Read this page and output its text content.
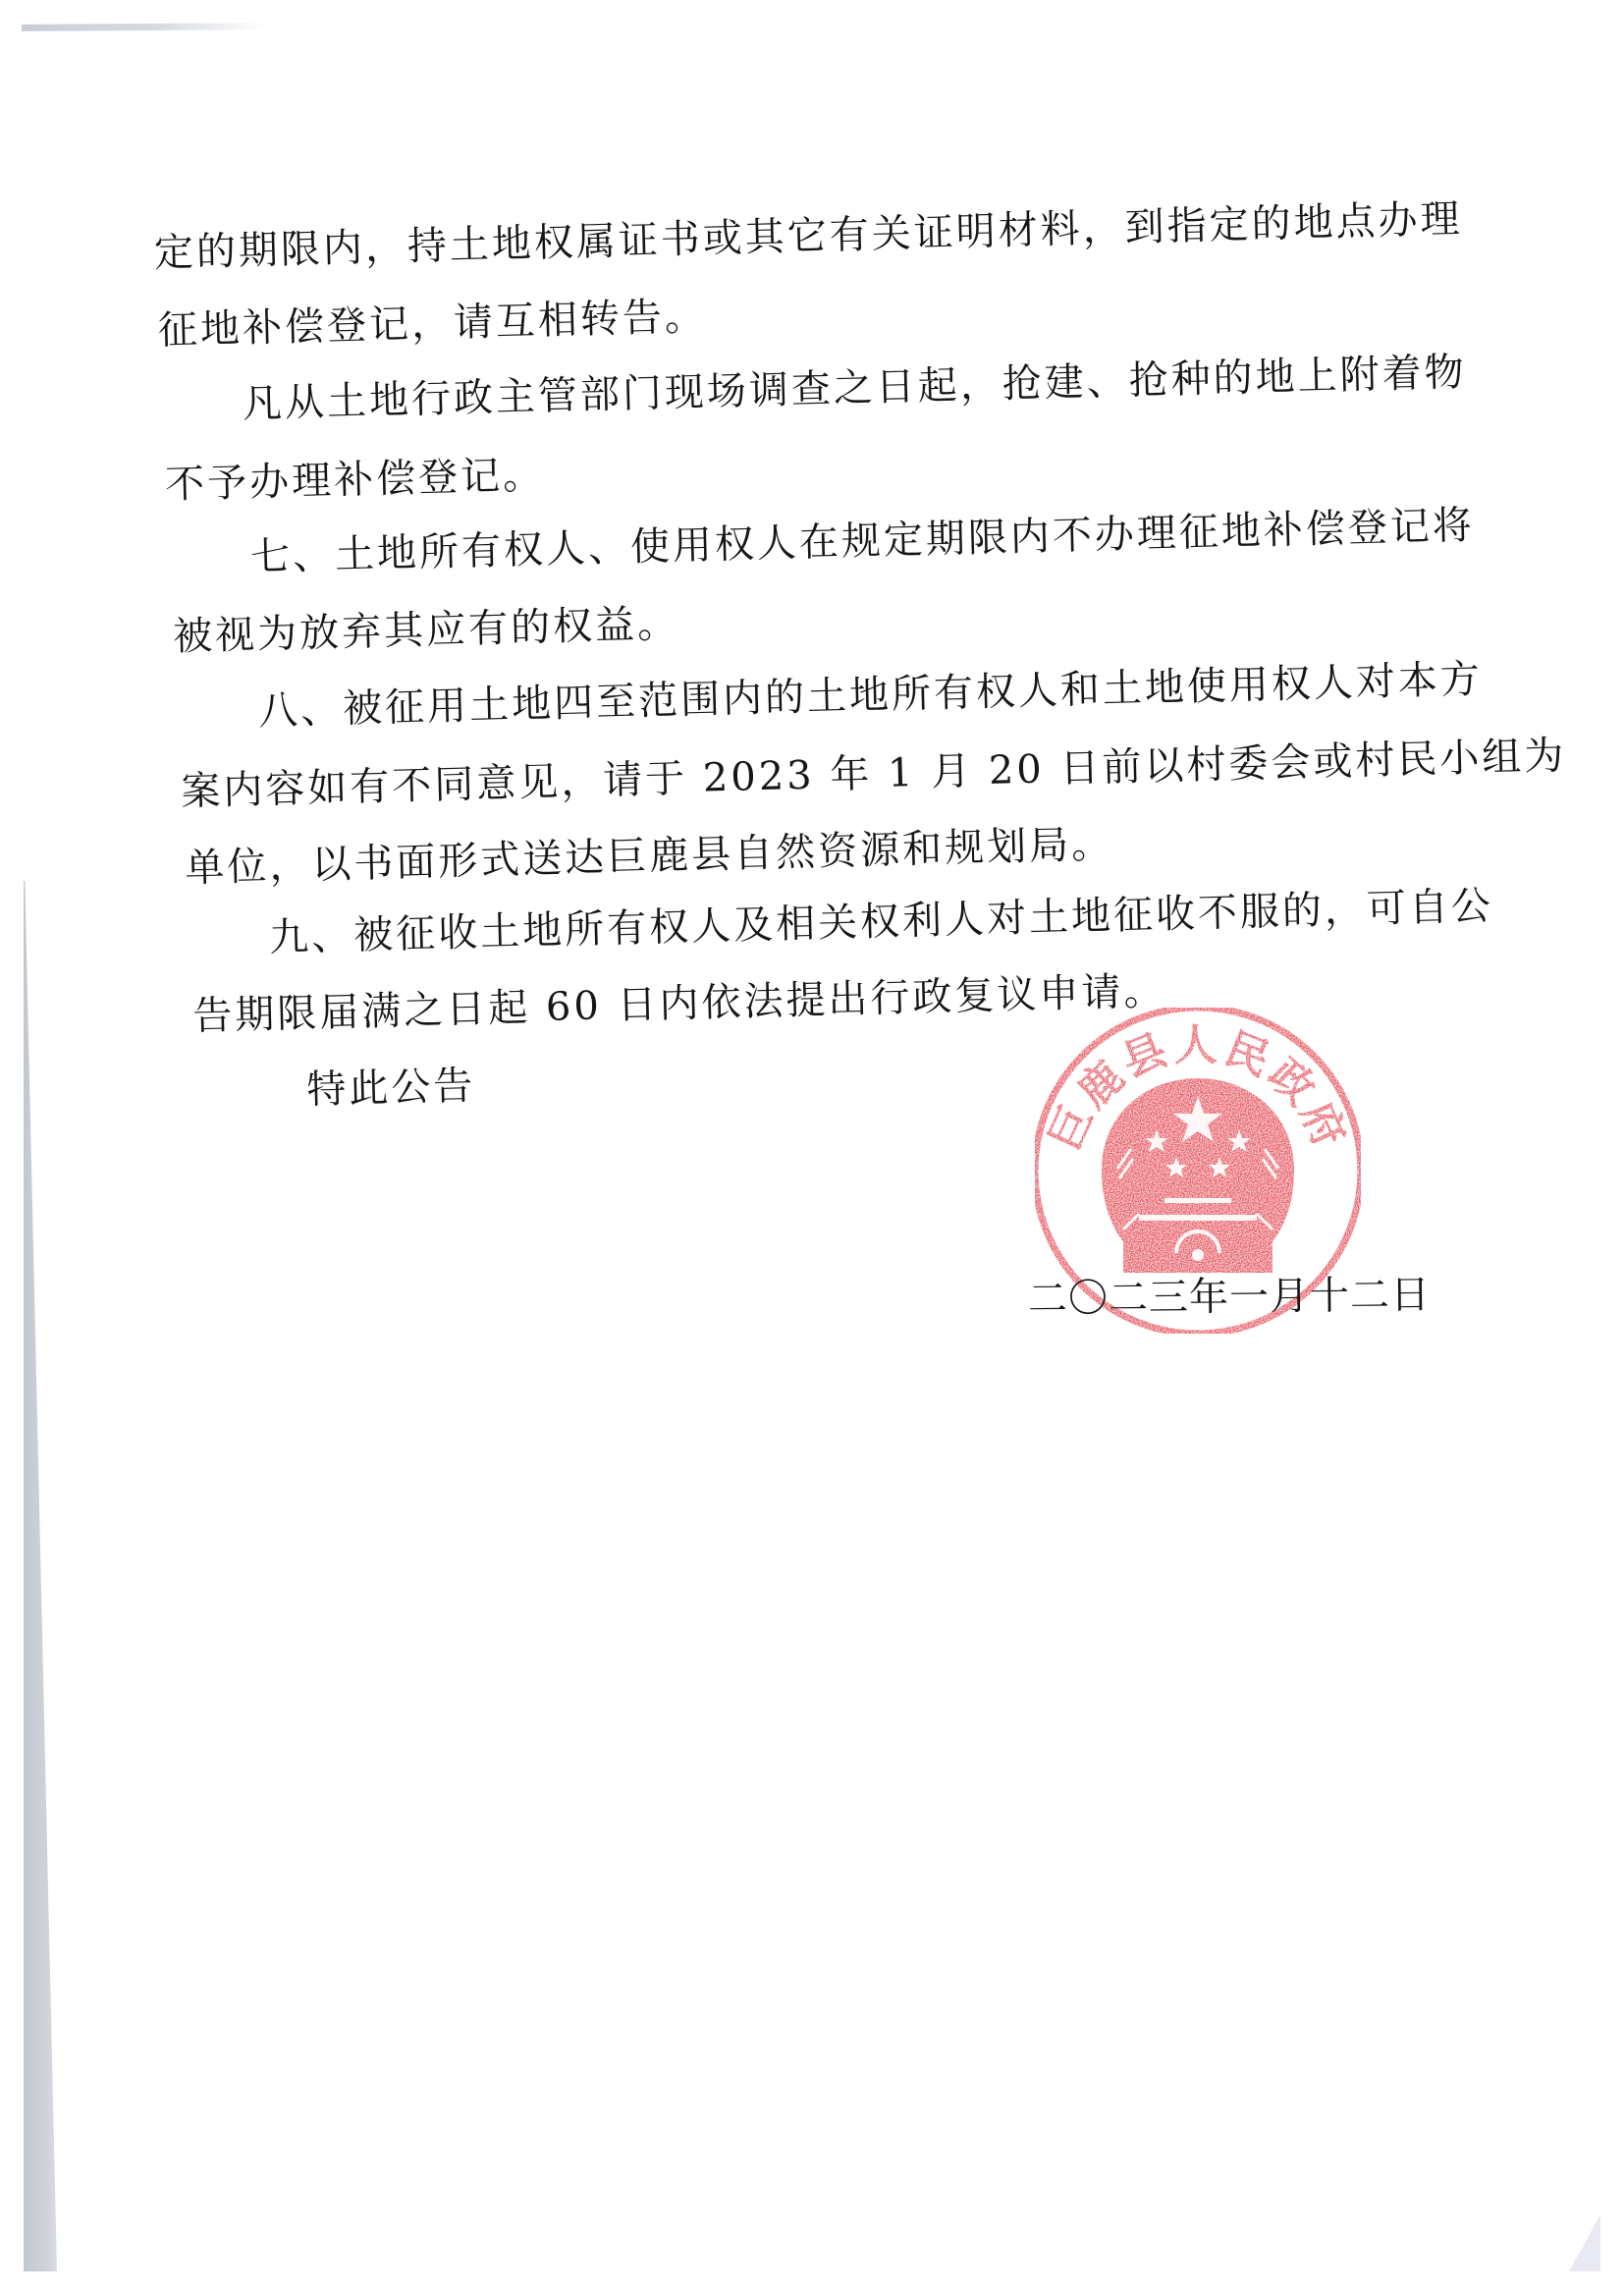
定的期限内，持土地权属证书或其它有关证明材料，到指定的地点办理
征地补偿登记，请互相转告。
凡从土地行政主管部门现场调查之日起，抢建、抢种的地上附着物
不予办理补偿登记。
七、土地所有权人、使用权人在规定期限内不办理征地补偿登记将
被视为放弃其应有的权益。
八、被征用土地四至范围内的土地所有权人和土地使用权人对本方
案内容如有不同意见，请于 2023 年 1 月 20 日前以村委会或村民小组为
单位，以书面形式送达巨鹿县自然资源和规划局。
九、被征收土地所有权人及相关权利人对土地征收不服的，可自公
告期限届满之日起 60 日内依法提出行政复议申请。
特此公告
巨鹿县人民政府
二〇二三年一月十二日
